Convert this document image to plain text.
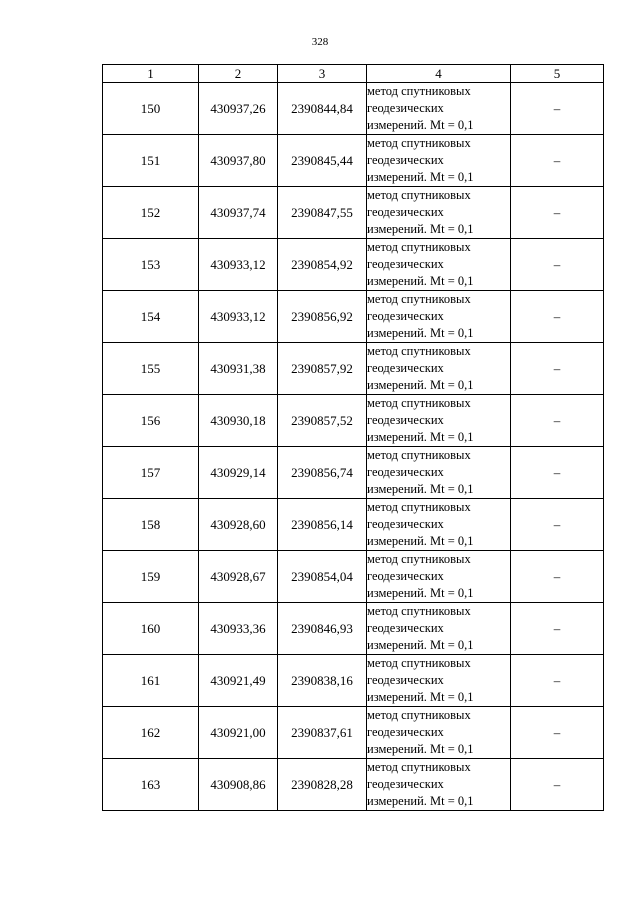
328
1	2	3	4	5
150	430937,26	2390844,84	метод спутниковых
геодезических
измерений. Mt = 0,1	–
151	430937,80	2390845,44	метод спутниковых
геодезических
измерений. Mt = 0,1	–
152	430937,74	2390847,55	метод спутниковых
геодезических
измерений. Mt = 0,1	–
153	430933,12	2390854,92	метод спутниковых
геодезических
измерений. Mt = 0,1	–
154	430933,12	2390856,92	метод спутниковых
геодезических
измерений. Mt = 0,1	–
155	430931,38	2390857,92	метод спутниковых
геодезических
измерений. Mt = 0,1	–
156	430930,18	2390857,52	метод спутниковых
геодезических
измерений. Mt = 0,1	–
157	430929,14	2390856,74	метод спутниковых
геодезических
измерений. Mt = 0,1	–
158	430928,60	2390856,14	метод спутниковых
геодезических
измерений. Mt = 0,1	–
159	430928,67	2390854,04	метод спутниковых
геодезических
измерений. Mt = 0,1	–
160	430933,36	2390846,93	метод спутниковых
геодезических
измерений. Mt = 0,1	–
161	430921,49	2390838,16	метод спутниковых
геодезических
измерений. Mt = 0,1	–
162	430921,00	2390837,61	метод спутниковых
геодезических
измерений. Mt = 0,1	–
163	430908,86	2390828,28	метод спутниковых
геодезических
измерений. Mt = 0,1	–
